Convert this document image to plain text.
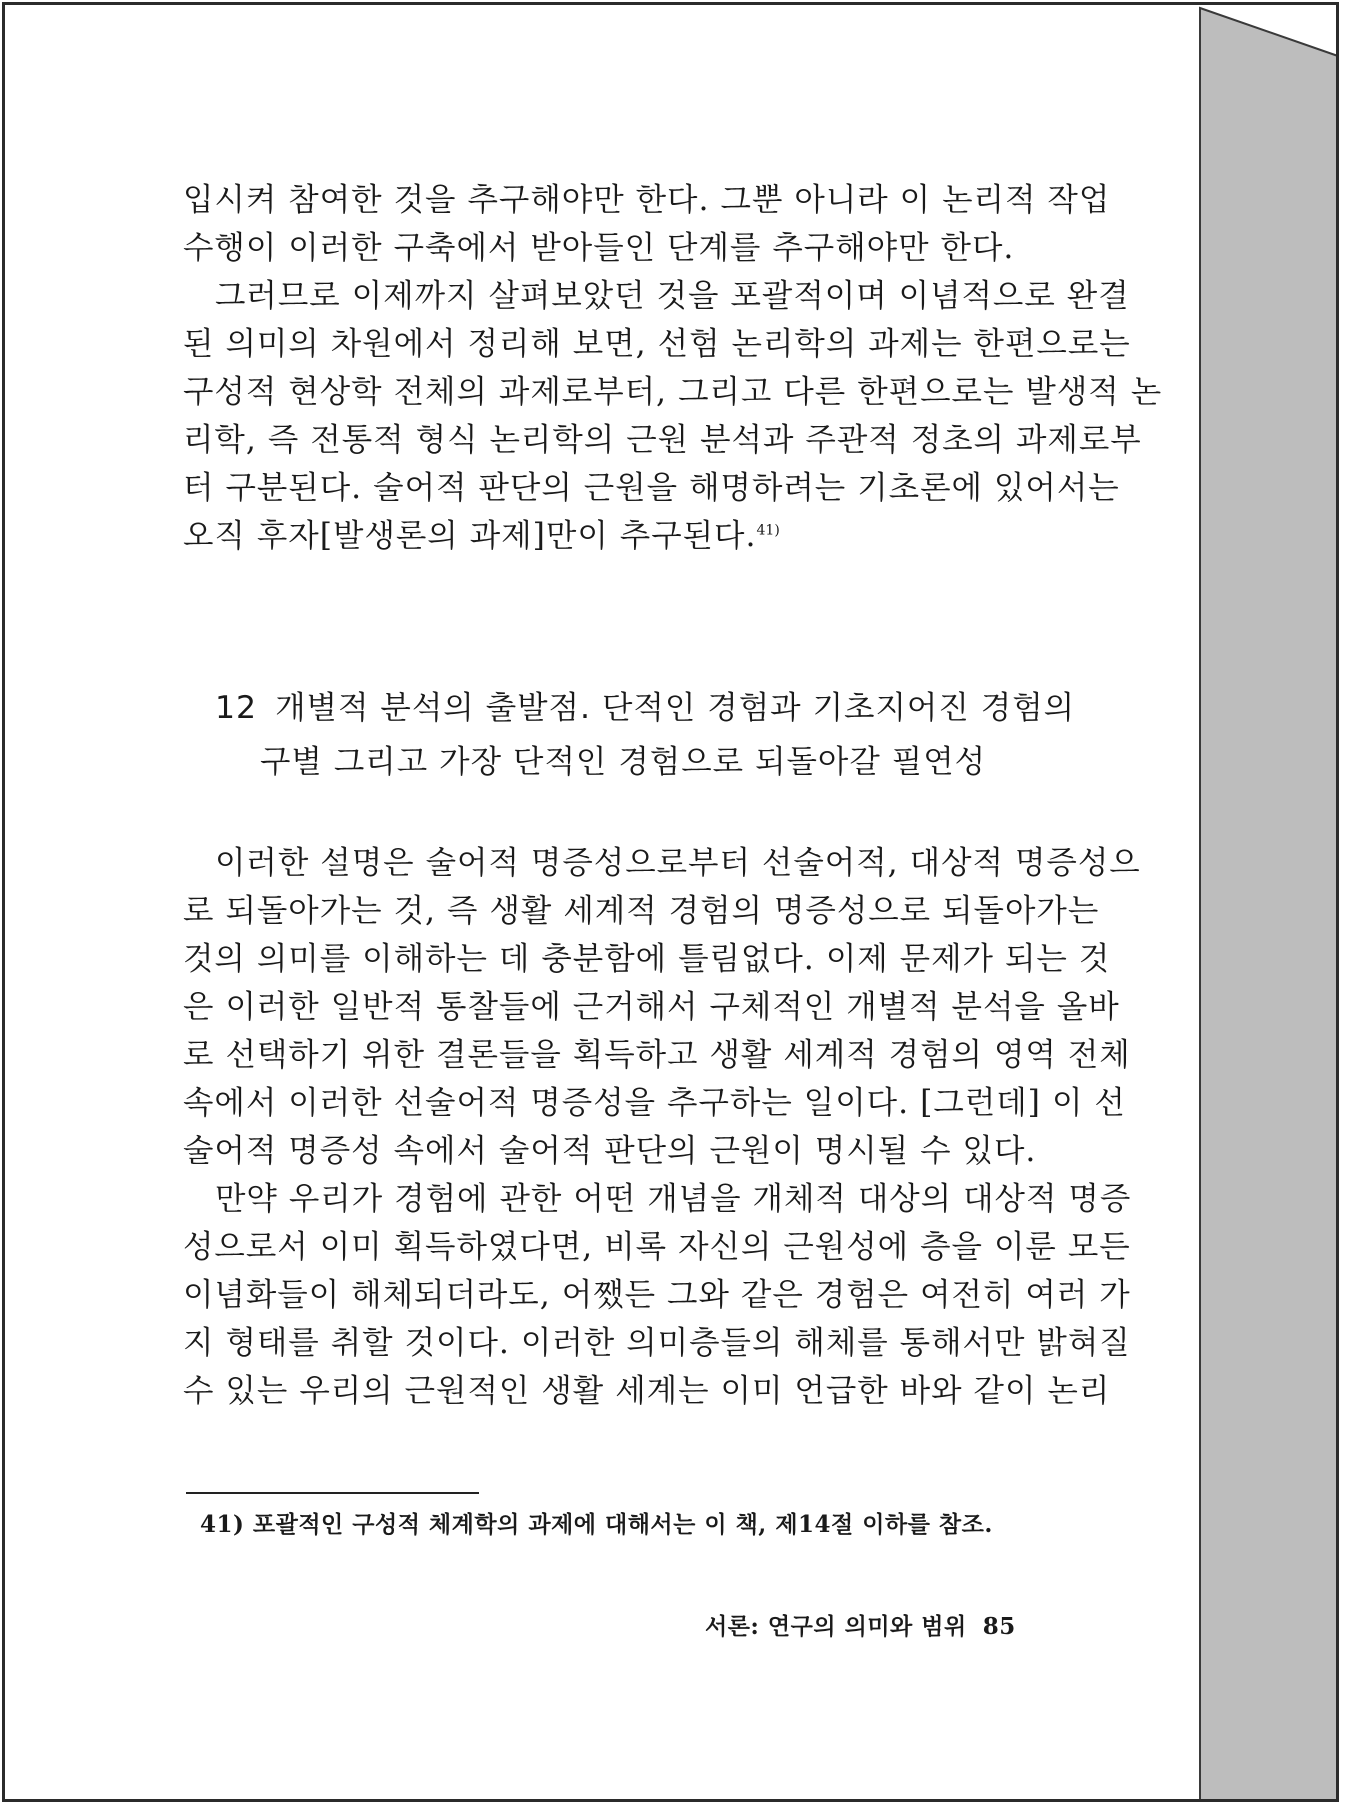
입시켜 참여한 것을 추구해야만 한다. 그뿐 아니라 이 논리적 작업
수행이 이러한 구축에서 받아들인 단계를 추구해야만 한다.
그러므로 이제까지 살펴보았던 것을 포괄적이며 이념적으로 완결
된 의미의 차원에서 정리해 보면, 선험 논리학의 과제는 한편으로는
구성적 현상학 전체의 과제로부터, 그리고 다른 한편으로는 발생적 논
리학, 즉 전통적 형식 논리학의 근원 분석과 주관적 정초의 과제로부
터 구분된다. 술어적 판단의 근원을 해명하려는 기초론에 있어서는
오직 후자[발생론의 과제]만이 추구된다.$^{41)}$
12 개별적 분석의 출발점. 단적인 경험과 기초지어진 경험의
구별 그리고 가장 단적인 경험으로 되돌아갈 필연성
이러한 설명은 술어적 명증성으로부터 선술어적, 대상적 명증성으
로 되돌아가는 것, 즉 생활 세계적 경험의 명증성으로 되돌아가는
것의 의미를 이해하는 데 충분함에 틀림없다. 이제 문제가 되는 것
은 이러한 일반적 통찰들에 근거해서 구체적인 개별적 분석을 올바
로 선택하기 위한 결론들을 획득하고 생활 세계적 경험의 영역 전체
속에서 이러한 선술어적 명증성을 추구하는 일이다. [그런데] 이 선
술어적 명증성 속에서 술어적 판단의 근원이 명시될 수 있다.
만약 우리가 경험에 관한 어떤 개념을 개체적 대상의 대상적 명증
성으로서 이미 획득하였다면, 비록 자신의 근원성에 층을 이룬 모든
이념화들이 해체되더라도, 어쨌든 그와 같은 경험은 여전히 여러 가
지 형태를 취할 것이다. 이러한 의미층들의 해체를 통해서만 밝혀질
수 있는 우리의 근원적인 생활 세계는 이미 언급한 바와 같이 논리
41) 포괄적인 구성적 체계학의 과제에 대해서는 이 책, 제14절 이하를 참조.
서론: 연구의 의미와 범위 85
